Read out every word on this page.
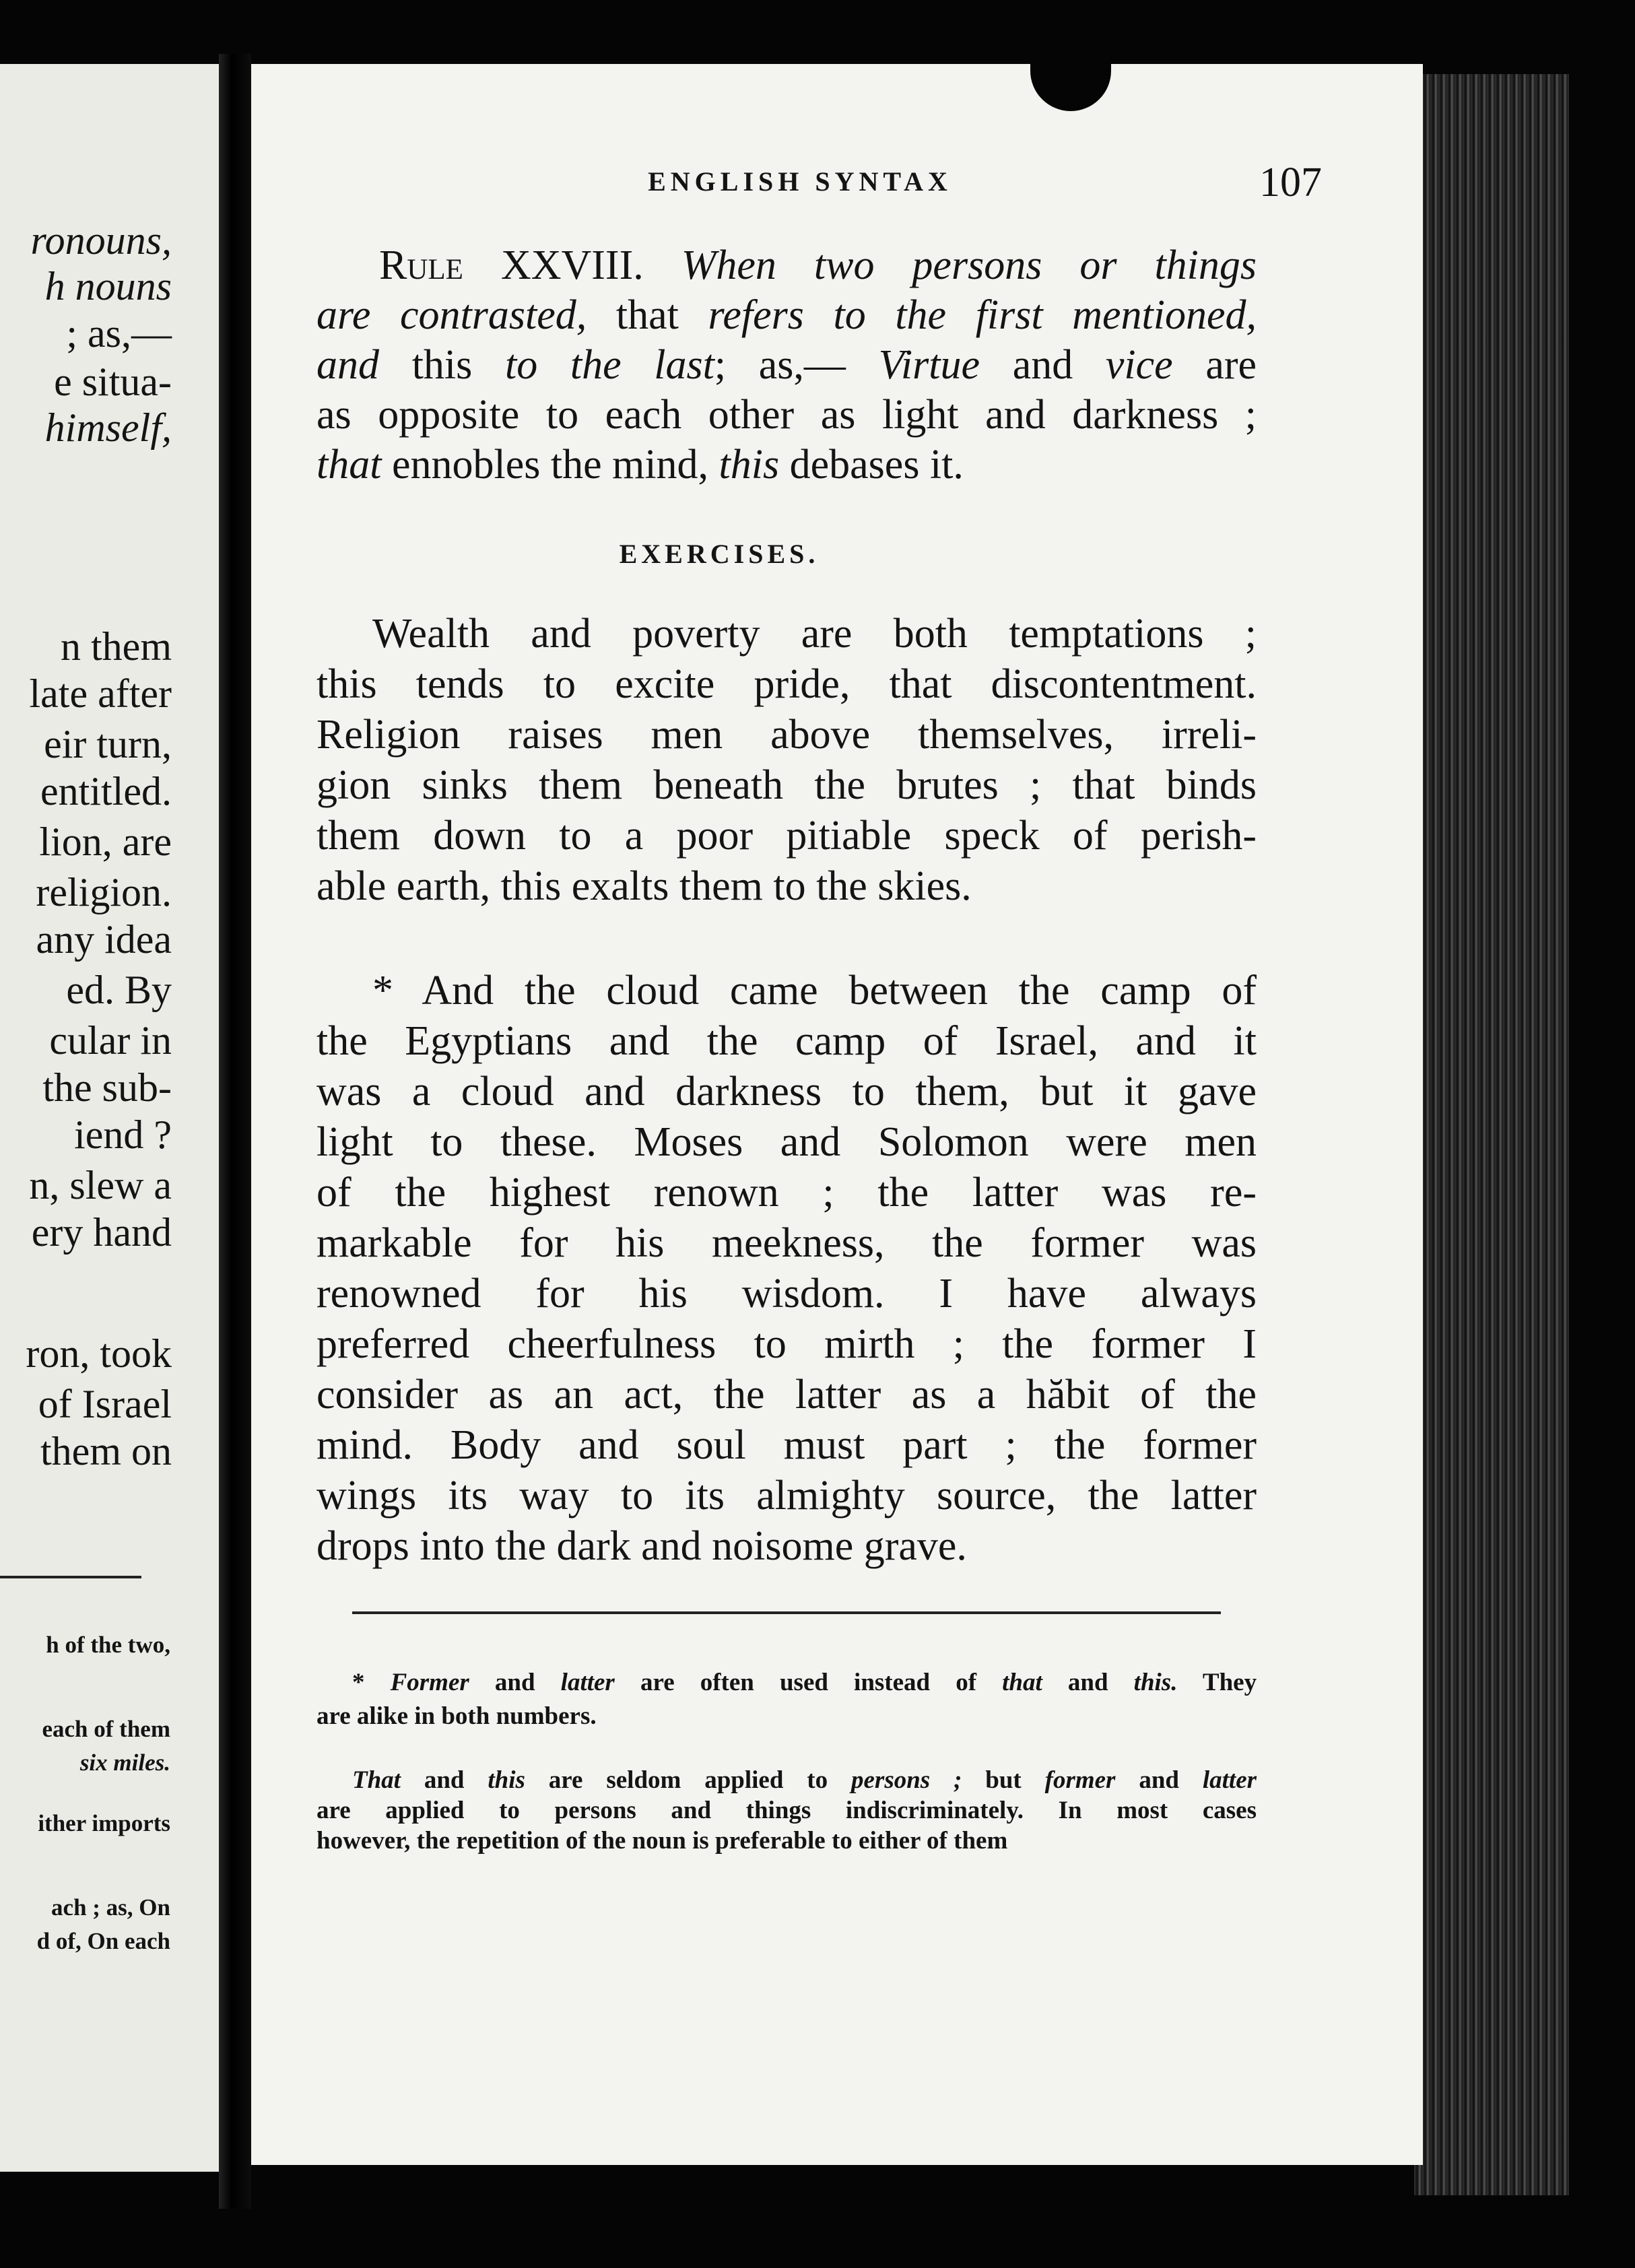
ronouns,
h nouns
; as,—
e situa-
himself,
n them
late after
eir turn,
entitled.
lion, are
religion.
any idea
ed. By
cular in
the sub-
iend ?
n, slew a
ery hand
ron, took
of Israel
them on
h of the two,
each of them
six miles.
ither imports
ach ; as, On
d of, On each
ENGLISH SYNTAX	107
Rule XXVIII. When two persons or things
are contrasted, that refers to the first mentioned,
and this to the last; as,— Virtue and vice are
as opposite to each other as light and darkness ;
that ennobles the mind, this debases it.
EXERCISES.
Wealth and poverty are both temptations ;
this tends to excite pride, that discontentment.
Religion raises men above themselves, irreli-
gion sinks them beneath the brutes ; that binds
them down to a poor pitiable speck of perish-
able earth, this exalts them to the skies.
* And the cloud came between the camp of
the Egyptians and the camp of Israel, and it
was a cloud and darkness to them, but it gave
light to these. Moses and Solomon were men
of the highest renown ; the latter was re-
markable for his meekness, the former was
renowned for his wisdom. I have always
preferred cheerfulness to mirth ; the former I
consider as an act, the latter as a hăbit of the
mind. Body and soul must part ; the former
wings its way to its almighty source, the latter
drops into the dark and noisome grave.
* Former and latter are often used instead of that and this. They
are alike in both numbers.
That and this are seldom applied to persons ; but former and latter
are applied to persons and things indiscriminately. In most cases
however, the repetition of the noun is preferable to either of them
